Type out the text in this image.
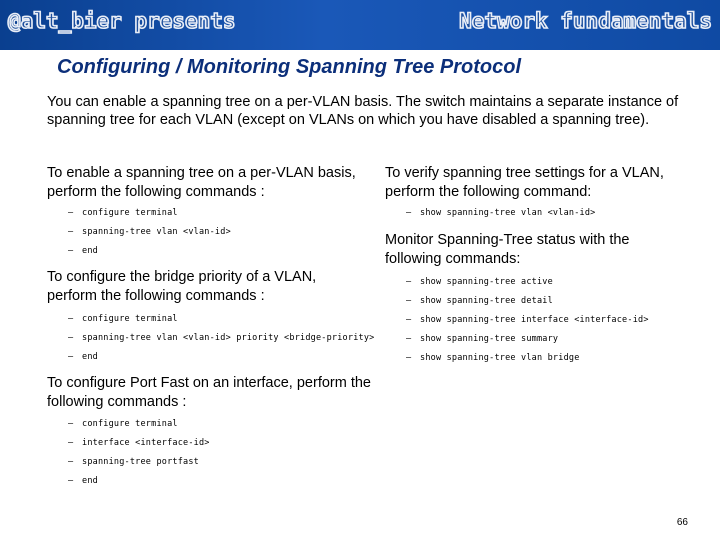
@alt_bier presents	Network fundamentals
Configuring / Monitoring Spanning Tree Protocol
You can enable a spanning tree on a per-VLAN basis. The switch maintains a separate instance of spanning tree for each VLAN (except on VLANs on which you have disabled a spanning tree).
To enable a spanning tree on a per-VLAN basis, perform the following commands :
– configure terminal
– spanning-tree vlan <vlan-id>
– end
To configure the bridge priority of a VLAN, perform the following commands :
– configure terminal
– spanning-tree vlan <vlan-id> priority <bridge-priority>
– end
To configure Port Fast on an interface, perform the following commands :
– configure terminal
– interface <interface-id>
– spanning-tree portfast
– end
To verify spanning tree settings for a VLAN, perform the following command:
– show spanning-tree vlan <vlan-id>
Monitor Spanning-Tree status with the following commands:
– show spanning-tree active
– show spanning-tree detail
– show spanning-tree interface <interface-id>
– show spanning-tree summary
– show spanning-tree vlan bridge
66
